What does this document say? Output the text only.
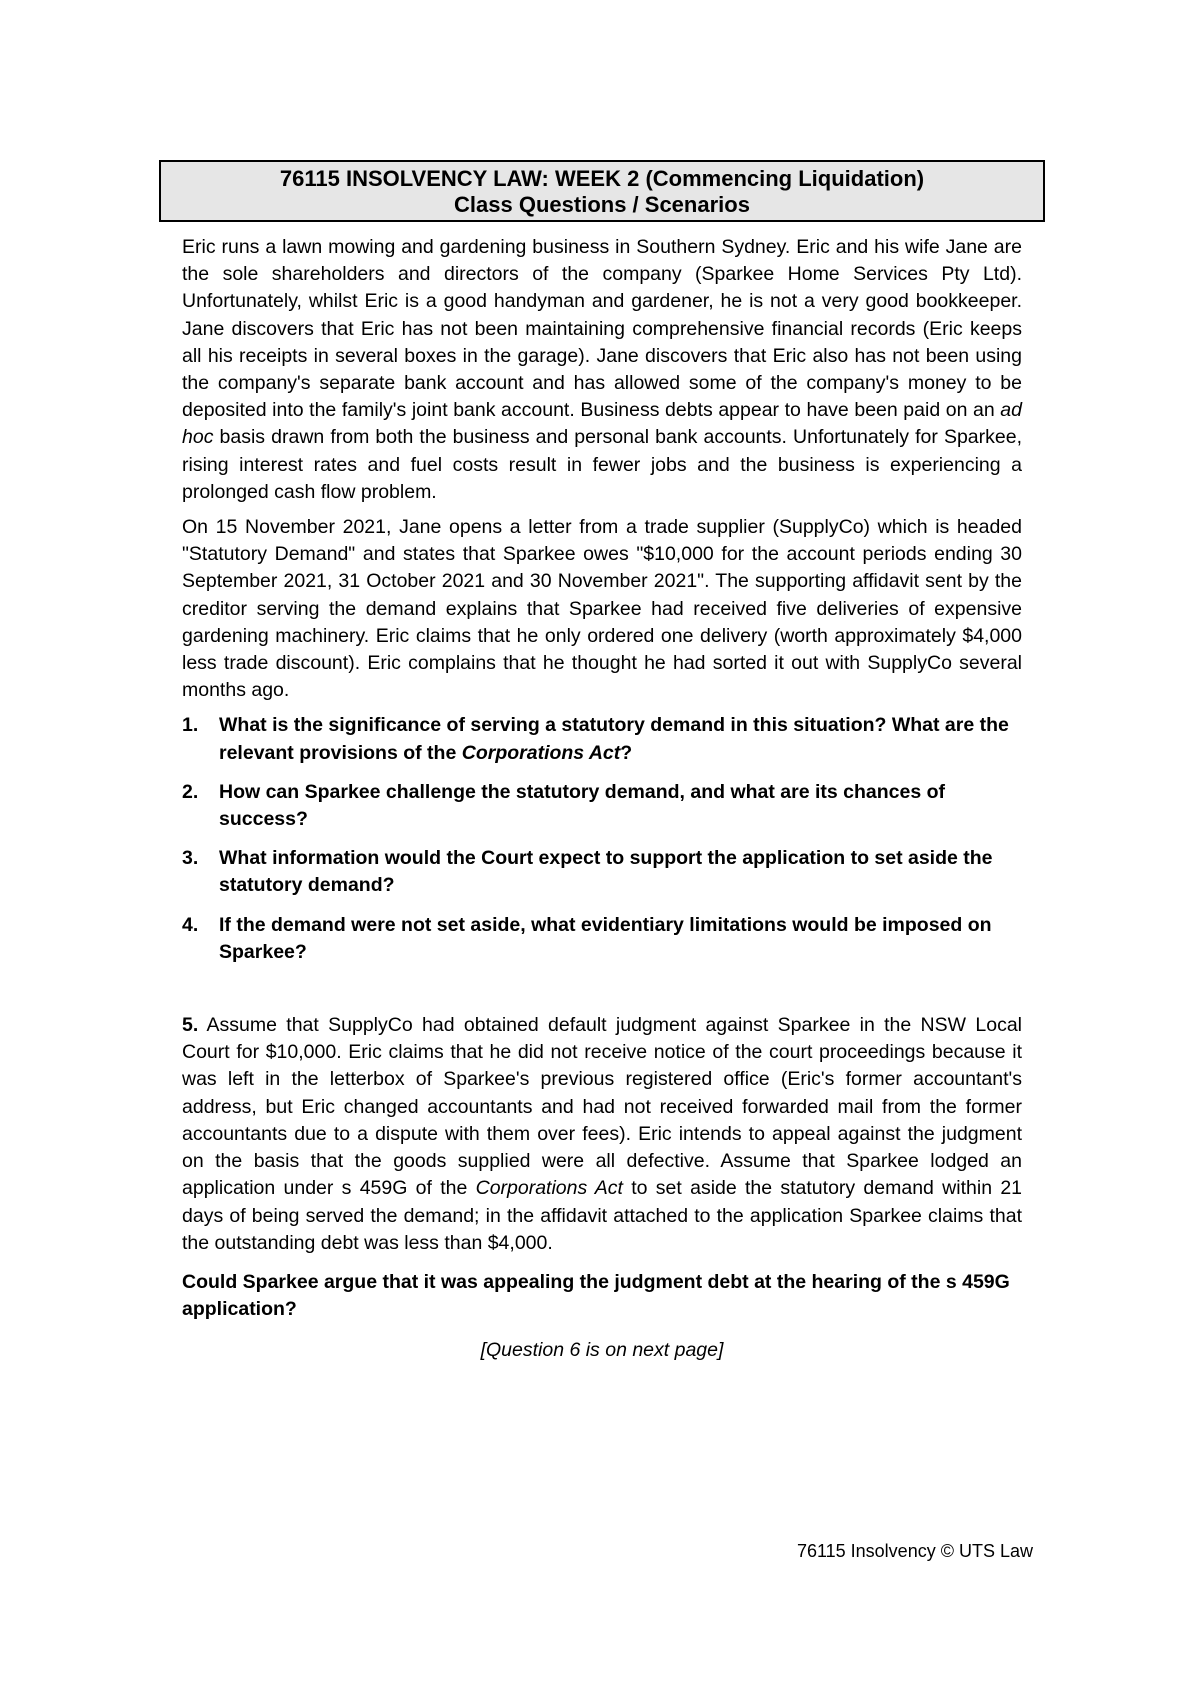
76115 INSOLVENCY LAW: WEEK 2 (Commencing Liquidation)
Class Questions / Scenarios

Eric runs a lawn mowing and gardening business in Southern Sydney. Eric and his wife Jane are the sole shareholders and directors of the company (Sparkee Home Services Pty Ltd). Unfortunately, whilst Eric is a good handyman and gardener, he is not a very good bookkeeper. Jane discovers that Eric has not been maintaining comprehensive financial records (Eric keeps all his receipts in several boxes in the garage). Jane discovers that Eric also has not been using the company's separate bank account and has allowed some of the company's money to be deposited into the family's joint bank account. Business debts appear to have been paid on an ad hoc basis drawn from both the business and personal bank accounts. Unfortunately for Sparkee, rising interest rates and fuel costs result in fewer jobs and the business is experiencing a prolonged cash flow problem.

On 15 November 2021, Jane opens a letter from a trade supplier (SupplyCo) which is headed "Statutory Demand" and states that Sparkee owes "$10,000 for the account periods ending 30 September 2021, 31 October 2021 and 30 November 2021". The supporting affidavit sent by the creditor serving the demand explains that Sparkee had received five deliveries of expensive gardening machinery. Eric claims that he only ordered one delivery (worth approximately $4,000 less trade discount). Eric complains that he thought he had sorted it out with SupplyCo several months ago.

1. What is the significance of serving a statutory demand in this situation? What are the relevant provisions of the Corporations Act?
2. How can Sparkee challenge the statutory demand, and what are its chances of success?
3. What information would the Court expect to support the application to set aside the statutory demand?
4. If the demand were not set aside, what evidentiary limitations would be imposed on Sparkee?

5. Assume that SupplyCo had obtained default judgment against Sparkee in the NSW Local Court for $10,000. Eric claims that he did not receive notice of the court proceedings because it was left in the letterbox of Sparkee's previous registered office (Eric's former accountant's address, but Eric changed accountants and had not received forwarded mail from the former accountants due to a dispute with them over fees). Eric intends to appeal against the judgment on the basis that the goods supplied were all defective. Assume that Sparkee lodged an application under s 459G of the Corporations Act to set aside the statutory demand within 21 days of being served the demand; in the affidavit attached to the application Sparkee claims that the outstanding debt was less than $4,000.

Could Sparkee argue that it was appealing the judgment debt at the hearing of the s 459G application?

[Question 6 is on next page]

76115 Insolvency © UTS Law
